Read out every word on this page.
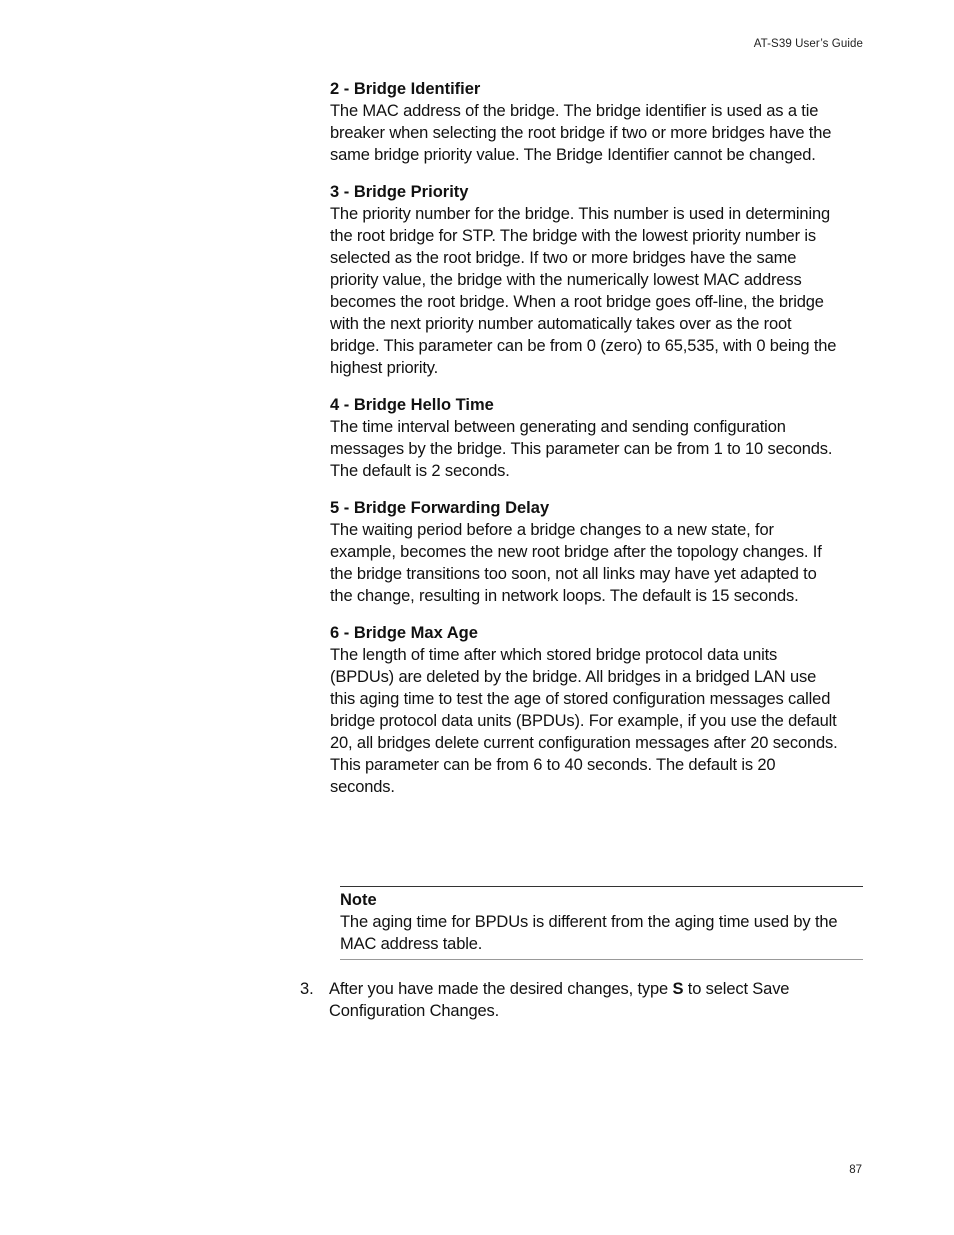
AT-S39 User’s Guide
2 - Bridge Identifier
The MAC address of the bridge. The bridge identifier is used as a tie breaker when selecting the root bridge if two or more bridges have the same bridge priority value. The Bridge Identifier cannot be changed.
3 - Bridge Priority
The priority number for the bridge. This number is used in determining the root bridge for STP. The bridge with the lowest priority number is selected as the root bridge. If two or more bridges have the same priority value, the bridge with the numerically lowest MAC address becomes the root bridge. When a root bridge goes off-line, the bridge with the next priority number automatically takes over as the root bridge. This parameter can be from 0 (zero) to 65,535, with 0 being the highest priority.
4 - Bridge Hello Time
The time interval between generating and sending configuration messages by the bridge. This parameter can be from 1 to 10 seconds. The default is 2 seconds.
5 - Bridge Forwarding Delay
The waiting period before a bridge changes to a new state, for example, becomes the new root bridge after the topology changes. If the bridge transitions too soon, not all links may have yet adapted to the change, resulting in network loops. The default is 15 seconds.
6 - Bridge Max Age
The length of time after which stored bridge protocol data units (BPDUs) are deleted by the bridge. All bridges in a bridged LAN use this aging time to test the age of stored configuration messages called bridge protocol data units (BPDUs). For example, if you use the default 20, all bridges delete current configuration messages after 20 seconds. This parameter can be from 6 to 40 seconds. The default is 20 seconds.
Note
The aging time for BPDUs is different from the aging time used by the MAC address table.
3. After you have made the desired changes, type S to select Save Configuration Changes.
87
